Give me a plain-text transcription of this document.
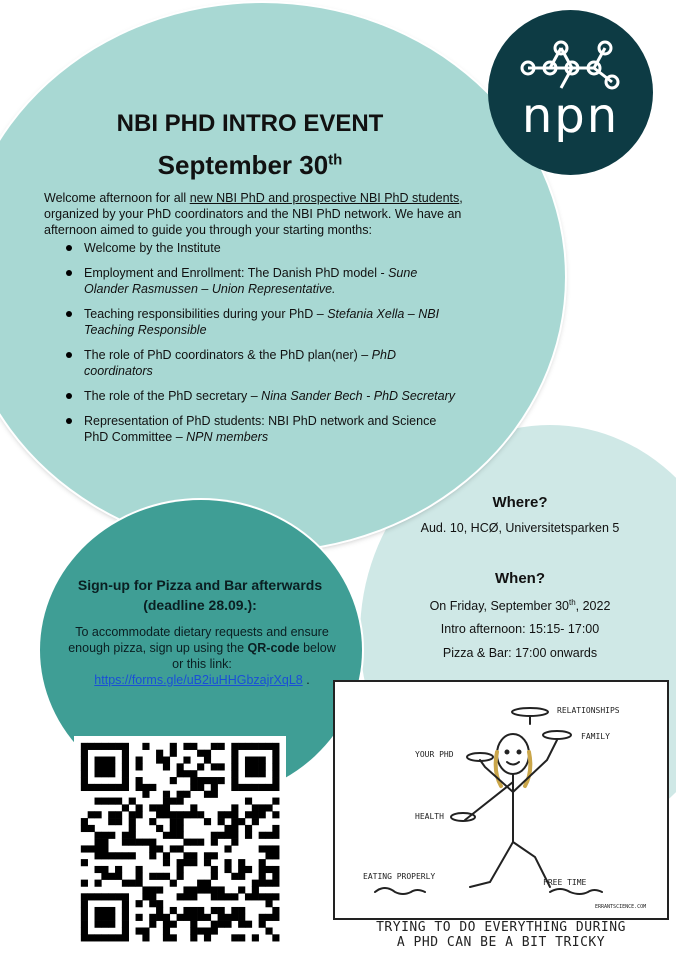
npn
NBI PHD INTRO EVENT
September 30th
Welcome afternoon for all new NBI PhD and prospective NBI PhD students, organized by your PhD coordinators and the NBI PhD network. We have an afternoon aimed to guide you through your starting months:
Welcome by the Institute
Employment and Enrollment: The Danish PhD model - Sune Olander Rasmussen – Union Representative.
Teaching responsibilities during your PhD – Stefania Xella – NBI Teaching Responsible
The role of PhD coordinators & the PhD plan(ner) – PhD coordinators
The role of the PhD secretary – Nina Sander Bech - PhD Secretary
Representation of PhD students: NBI PhD network and Science PhD Committee – NPN members
Where?
Aud. 10, HCØ, Universitetsparken 5
When?
On Friday, September 30th, 2022
Intro afternoon: 15:15- 17:00
Pizza & Bar: 17:00 onwards
Sign-up for Pizza and Bar afterwards (deadline 28.09.):
To accommodate dietary requests and ensure enough pizza, sign up using the QR-code below or this link:
https://forms.gle/uB2iuHHGbzajrXqL8 .
RELATIONSHIPS
FAMILY
YOUR PHD
HEALTH
EATING PROPERLY
FREE TIME
ERRANTSCIENCE.COM
TRYING TO DO EVERYTHING DURING
A PHD CAN BE A BIT TRICKY
